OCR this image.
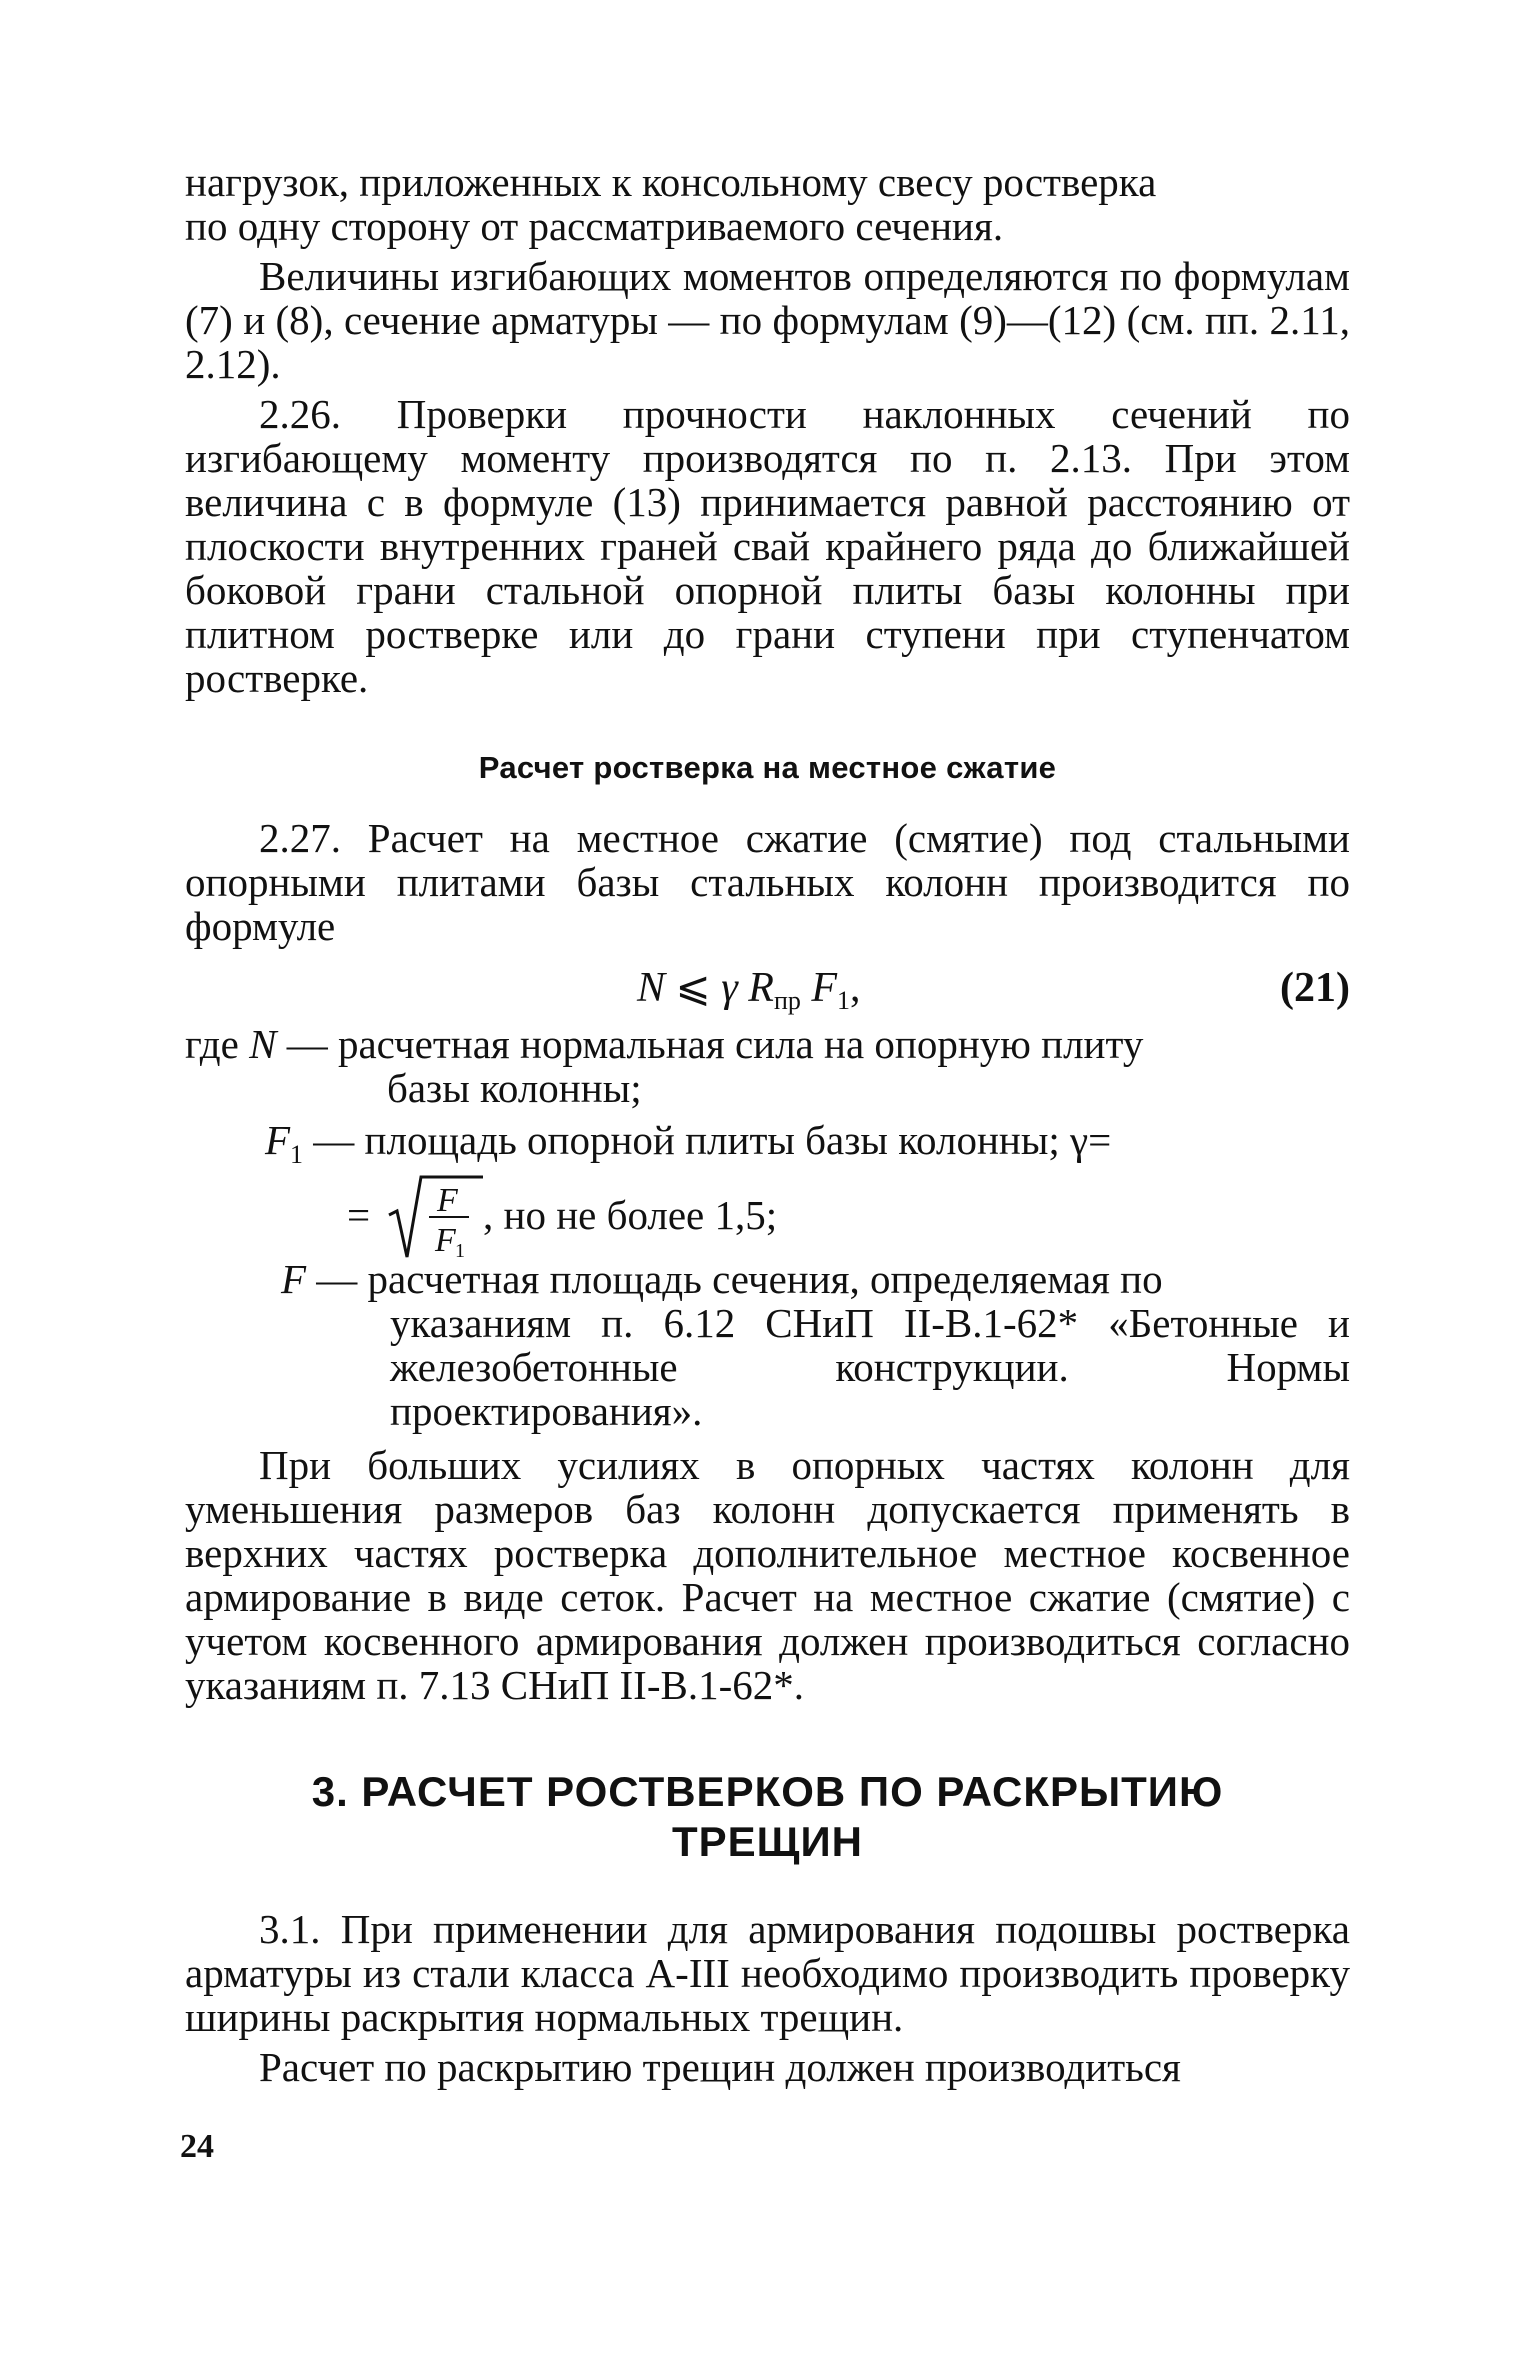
нагрузок, приложенных к консольному свесу ростверка

по одну сторону от рассматриваемого сечения.

Величины изгибающих моментов определяются по формулам (7) и (8), сечение арматуры — по формулам (9)—(12) (см. пп. 2.11, 2.12).

2.26. Проверки прочности наклонных сечений по изгибающему моменту производятся по п. 2.13. При этом величина с в формуле (13) принимается равной расстоянию от плоскости внутренних граней свай крайнего ряда до ближайшей боковой грани стальной опорной плиты базы колонны при плитном ростверке или до грани ступени при ступенчатом ростверке.

Расчет ростверка на местное сжатие

2.27. Расчет на местное сжатие (смятие) под стальными опорными плитами базы стальных колонн производится по формуле

N ⩽ γ $R_{пр}$ $F_1$,	(21)
где N — расчетная нормальная сила на опорную плиту

базы колонны;

$F_1$ — площадь опорной плиты базы колонны; γ=
= F
F 1
, но не более 1,5;
F — расчетная площадь сечения, определяемая по

указаниям п. 6.12 СНиП II-В.1-62* «Бетонные и железобетонные конструкции. Нормы проектирования».

При больших усилиях в опорных частях колонн для уменьшения размеров баз колонн допускается применять в верхних частях ростверка дополнительное местное косвенное армирование в виде сеток. Расчет на местное сжатие (смятие) с учетом косвенного армирования должен производиться согласно указаниям п. 7.13 СНиП II-В.1-62*.

3. РАСЧЕТ РОСТВЕРКОВ ПО РАСКРЫТИЮ
ТРЕЩИН

3.1. При применении для армирования подошвы ростверка арматуры из стали класса А-III необходимо производить проверку ширины раскрытия нормальных трещин.

Расчет по раскрытию трещин должен производиться

24
